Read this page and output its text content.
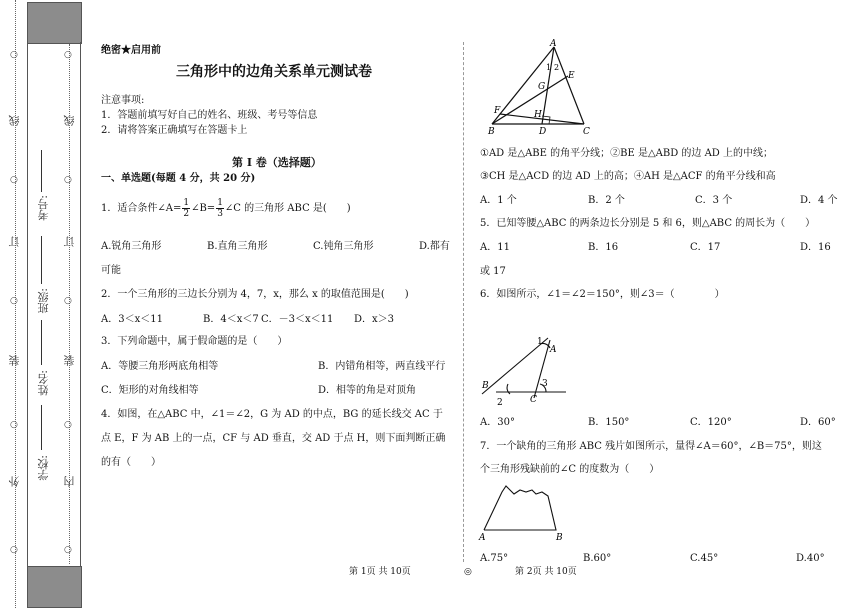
外
装
订
线
内
装
订
线
○
○
○
○
○
○
○
○
○
○
学校:
姓名:
班级:
考号:
绝密★启用前
三角形中的边角关系单元测试卷
注意事项:
1．答题前填写好自己的姓名、班级、考号等信息
2．请将答案正确填写在答题卡上
第 I 卷（选择题）
一、单选题(每题 4 分，共 20 分)
1．适合条件∠A= $\frac{1}{2}$ ∠B= $\frac{1}{3}$ ∠C 的三角形 ABC 是(　　)
A.锐角三角形	B.直角三角形	C.钝角三角形	D.都有
可能
2．一个三角形的三边长分别为 4，7，x，那么 x 的取值范围是(　　)
A．3＜x＜11	B．4＜x＜7 C．－3＜x＜11 D．x＞3
3．下列命题中，属于假命题的是（　　）
A．等腰三角形两底角相等	B．内错角相等，两直线平行
C．矩形的对角线相等	D．相等的角是对顶角
4．如图，在△ABC 中，∠1＝∠2，G 为 AD 的中点，BG 的延长线交 AC 于
点 E，F 为 AB 上的一点，CF 与 AD 垂直，交 AD 于点 H，则下面判断正确
的有（　　）
A
1 2
E
G
F	H
B	D	C
①AD 是△ABE 的角平分线；②BE 是△ABD 的边 AD 上的中线；
③CH 是△ACD 的边 AD 上的高；④AH 是△ACF 的角平分线和高
A．1 个	B．2 个	C．3 个	D．4 个
5．已知等腰△ABC 的两条边长分别是 5 和 6，则△ABC 的周长为（　　）
A．11	B．16	C．17	D．16
或 17
6．如图所示，∠1＝∠2＝150°，则∠3＝（　　　　）
1
A
B
2	C
3
A．30°	B．150°	C．120°	D．60°
7．一个缺角的三角形 ABC 残片如图所示，量得∠A＝60°，∠B＝75°，则这
个三角形残缺前的∠C 的度数为（　　）
A	B
A.75°	B.60°	C.45°	D.40°
第 1页 共 10页	◎	第 2页 共 10页
